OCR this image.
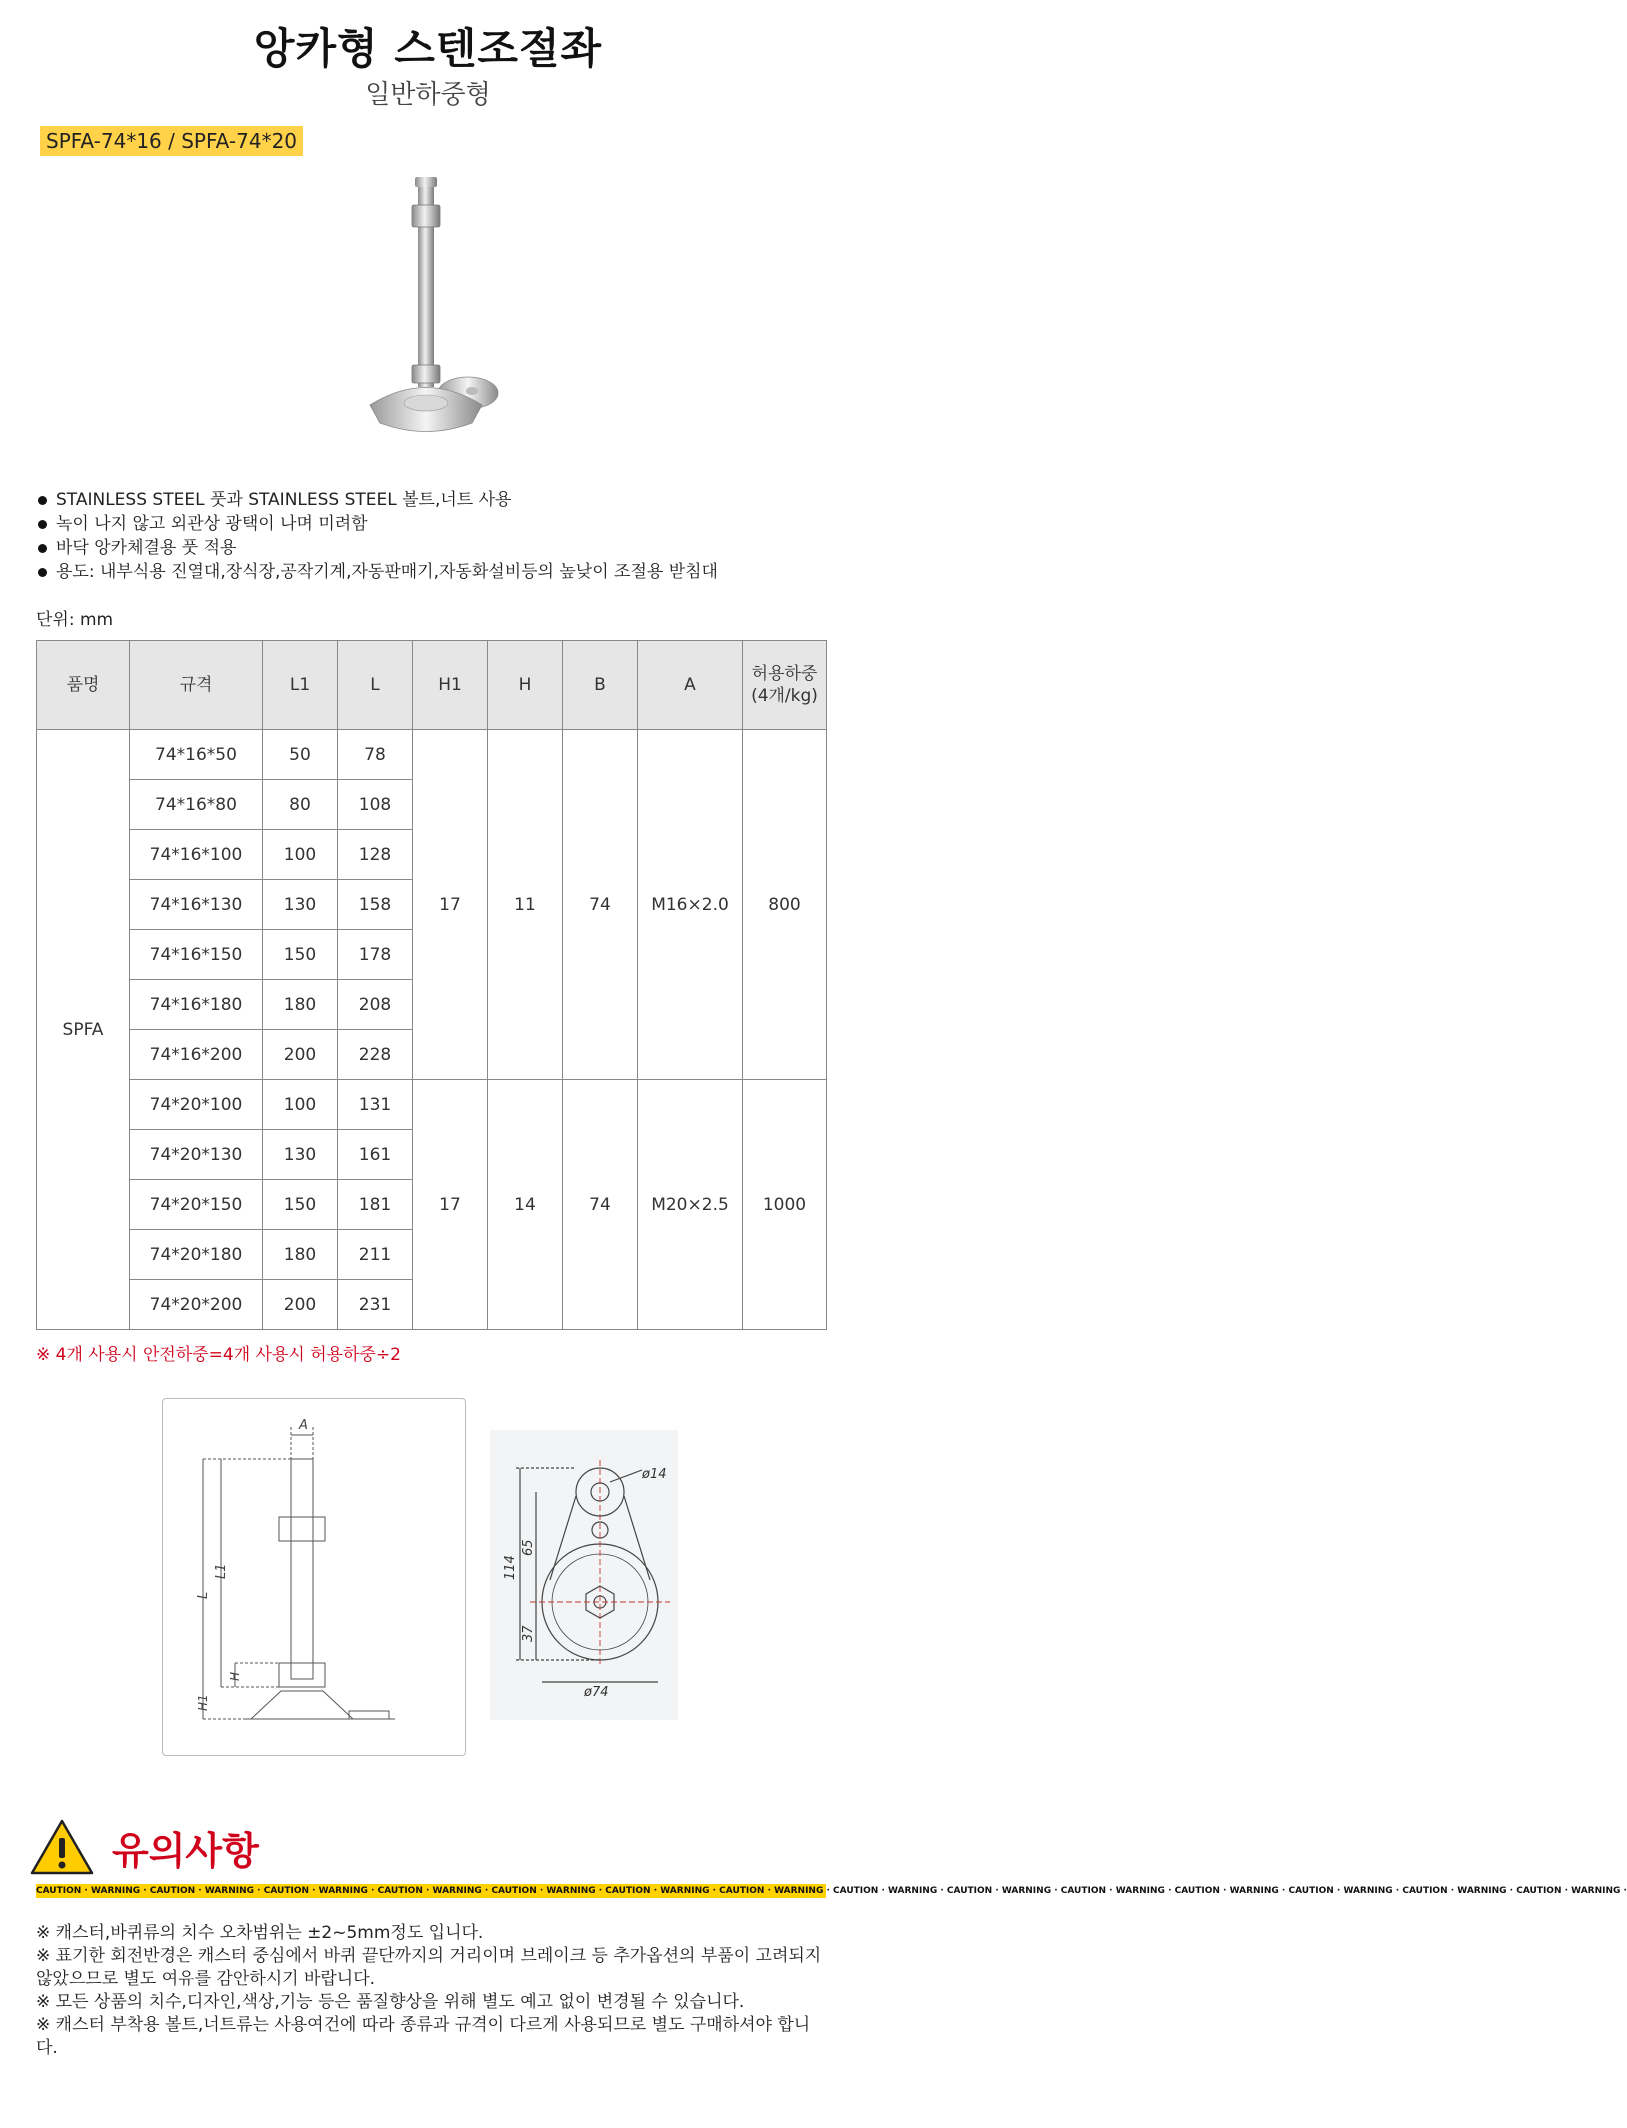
앙카형 스텐조절좌
일반하중형
SPFA-74*16 / SPFA-74*20
STAINLESS STEEL 풋과 STAINLESS STEEL 볼트,너트 사용
녹이 나지 않고 외관상 광택이 나며 미려함
바닥 앙카체결용 풋 적용
용도: 내부식용 진열대,장식장,공작기계,자동판매기,자동화설비등의 높낮이 조절용 받침대
단위: mm
품명	규격	L1	L	H1	H	B	A	허용하중
(4개/kg)
SPFA	74*16*50	50	78	17	11	74	M16×2.0	800
	74*16*80	80	108					
	74*16*100	100	128					
	74*16*130	130	158					
	74*16*150	150	178					
	74*16*180	180	208					
	74*16*200	200	228					
	74*20*100	100	131	17	14	74	M20×2.5	1000
	74*20*130	130	161					
	74*20*150	150	181					
	74*20*180	180	211					
	74*20*200	200	231					
※ 4개 사용시 안전하중=4개 사용시 허용하중÷2
A
L1
L
H
H1
ø14
ø74
114
65
37
유의사항
CAUTION · WARNING · CAUTION · WARNING · CAUTION · WARNING · CAUTION · WARNING · CAUTION · WARNING · CAUTION · WARNING · CAUTION · WARNING · CAUTION · WARNING · CAUTION · WARNING · CAUTION · WARNING · CAUTION · WARNING · CAUTION · WARNING · CAUTION · WARNING · CAUTION · WARNING ·

※ 캐스터,바퀴류의 치수 오차범위는 ±2~5mm정도 입니다.

※ 표기한 회전반경은 캐스터 중심에서 바퀴 끝단까지의 거리이며 브레이크 등 추가옵션의 부품이 고려되지 않았으므로 별도 여유를 감안하시기 바랍니다.

※ 모든 상품의 치수,디자인,색상,기능 등은 품질향상을 위해 별도 예고 없이 변경될 수 있습니다.

※ 캐스터 부착용 볼트,너트류는 사용여건에 따라 종류과 규격이 다르게 사용되므로 별도 구매하셔야 합니다.
